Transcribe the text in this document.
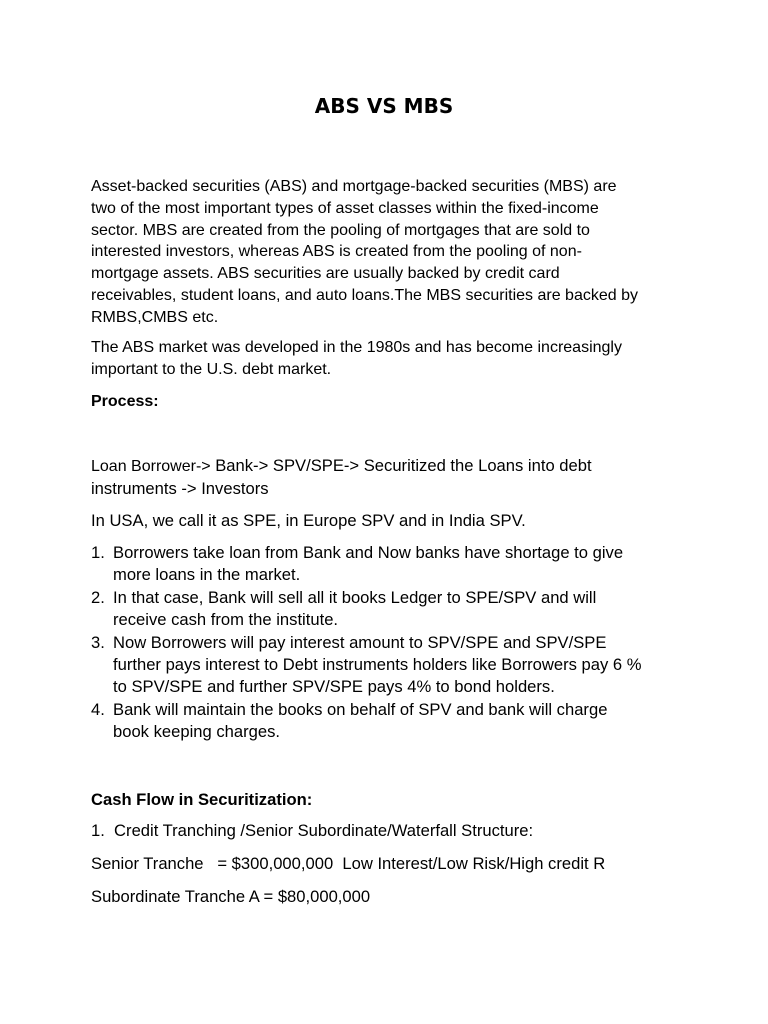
ABS VS MBS

Asset-backed securities (ABS) and mortgage-backed securities (MBS) are
two of the most important types of asset classes within the fixed-income
sector. MBS are created from the pooling of mortgages that are sold to
interested investors, whereas ABS is created from the pooling of non-
mortgage assets. ABS securities are usually backed by credit card
receivables, student loans, and auto loans.The MBS securities are backed by
RMBS,CMBS etc.

The ABS market was developed in the 1980s and has become increasingly
important to the U.S. debt market.

Process:

Loan Borrower-> Bank-> SPV/SPE-> Securitized the Loans into debt
instruments -> Investors

In USA, we call it as SPE, in Europe SPV and in India SPV.

1. Borrowers take loan from Bank and Now banks have shortage to give
more loans in the market.
2. In that case, Bank will sell all it books Ledger to SPE/SPV and will
receive cash from the institute.
3. Now Borrowers will pay interest amount to SPV/SPE and SPV/SPE
further pays interest to Debt instruments holders like Borrowers pay 6 %
to SPV/SPE and further SPV/SPE pays 4% to bond holders.
4. Bank will maintain the books on behalf of SPV and bank will charge
book keeping charges.

Cash Flow in Securitization:

1.  Credit Tranching /Senior Subordinate/Waterfall Structure:

Senior Tranche   = $300,000,000  Low Interest/Low Risk/High credit R

Subordinate Tranche A = $80,000,000
